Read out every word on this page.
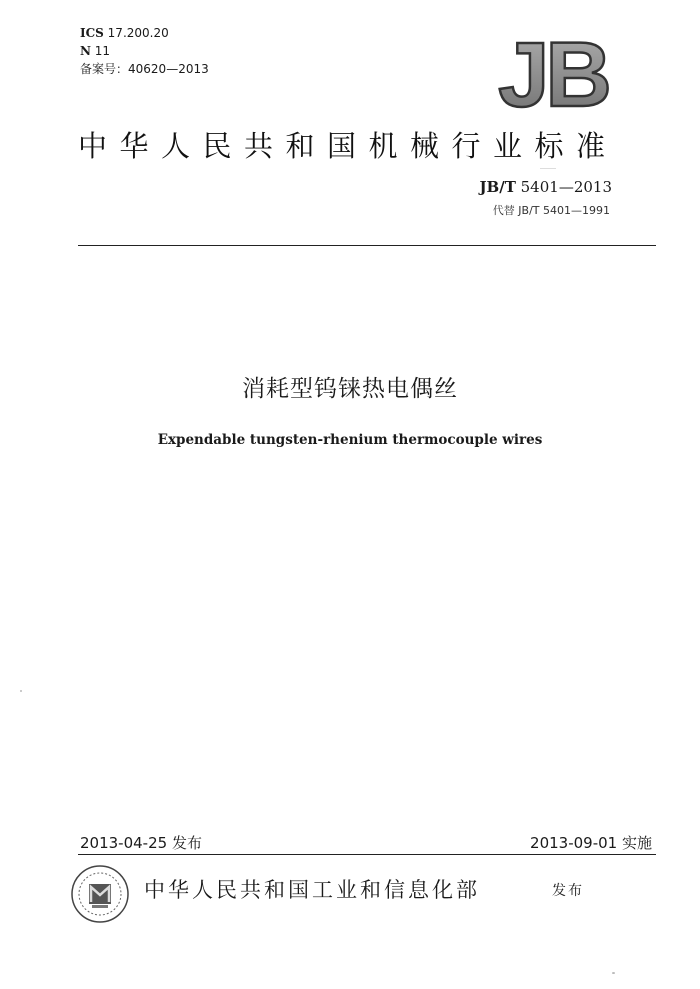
ICS 17.200.20
N 11
备案号：40620—2013	JB
中华人民共和国机械行业标准
JB/T 5401—2013
代替 JB/T 5401—1991
消耗型钨铼热电偶丝
Expendable tungsten-rhenium thermocouple wires
2013-04-25 发布	2013-09-01 实施
中华人民共和国工业和信息化部	发布
